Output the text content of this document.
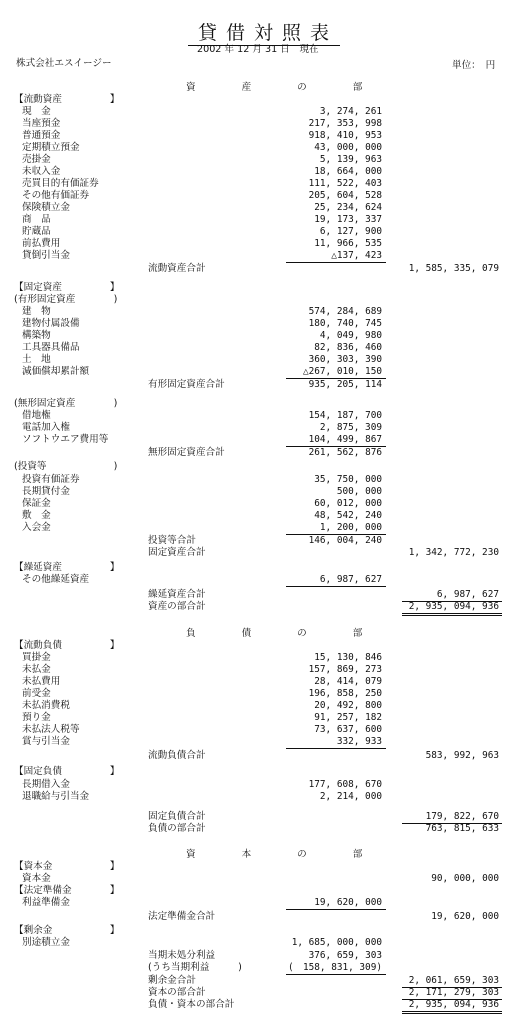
貸借対照表
2002 年 12 月 31 日　現在
株式会社エスイージー	単位：　円
資産の部
負債の部
資本の部
【流動資産　　　　　】
現　金	3, 274, 261
当座預金	217, 353, 998
普通預金	918, 410, 953
定期積立預金	43, 000, 000
売掛金	5, 139, 963
未収入金	18, 664, 000
売買目的有価証券	111, 522, 403
その他有価証券	205, 604, 528
保険積立金	25, 234, 624
商　品	19, 173, 337
貯蔵品	6, 127, 900
前払費用	11, 966, 535
貸倒引当金	△137, 423
流動資産合計	1, 585, 335, 079
【固定資産　　　　　】
(有形固定資産　　　　)
建　物	574, 284, 689
建物付属設備	180, 740, 745
構築物	4, 049, 980
工具器具備品	82, 836, 460
土　地	360, 303, 390
減価償却累計額	△267, 010, 150
有形固定資産合計	935, 205, 114
(無形固定資産　　　　)
借地権	154, 187, 700
電話加入権	2, 875, 309
ソフトウエア費用等	104, 499, 867
無形固定資産合計	261, 562, 876
(投資等　　　　　　　)
投資有価証券	35, 750, 000
長期貸付金	500, 000
保証金	60, 012, 000
敷　金	48, 542, 240
入会金	1, 200, 000
投資等合計	146, 004, 240
固定資産合計	1, 342, 772, 230
【繰延資産　　　　　】
その他繰延資産	6, 987, 627
繰延資産合計	6, 987, 627
資産の部合計	2, 935, 094, 936
【流動負債　　　　　】
買掛金	15, 130, 846
未払金	157, 869, 273
未払費用	28, 414, 079
前受金	196, 858, 250
未払消費税	20, 492, 800
預り金	91, 257, 182
未払法人税等	73, 637, 600
賞与引当金	332, 933
流動負債合計	583, 992, 963
【固定負債　　　　　】
長期借入金	177, 608, 670
退職給与引当金	2, 214, 000
固定負債合計	179, 822, 670
負債の部合計	763, 815, 633
【資本金　　　　　　】
資本金	90, 000, 000
【法定準備金　　　　】
利益準備金	19, 620, 000
法定準備金合計	19, 620, 000
【剰余金　　　　　　】
別途積立金	1, 685, 000, 000
当期未処分利益	376, 659, 303
(うち当期利益　　　)	(　158, 831, 309)
剰余金合計	2, 061, 659, 303
資本の部合計	2, 171, 279, 303
負債・資本の部合計	2, 935, 094, 936
